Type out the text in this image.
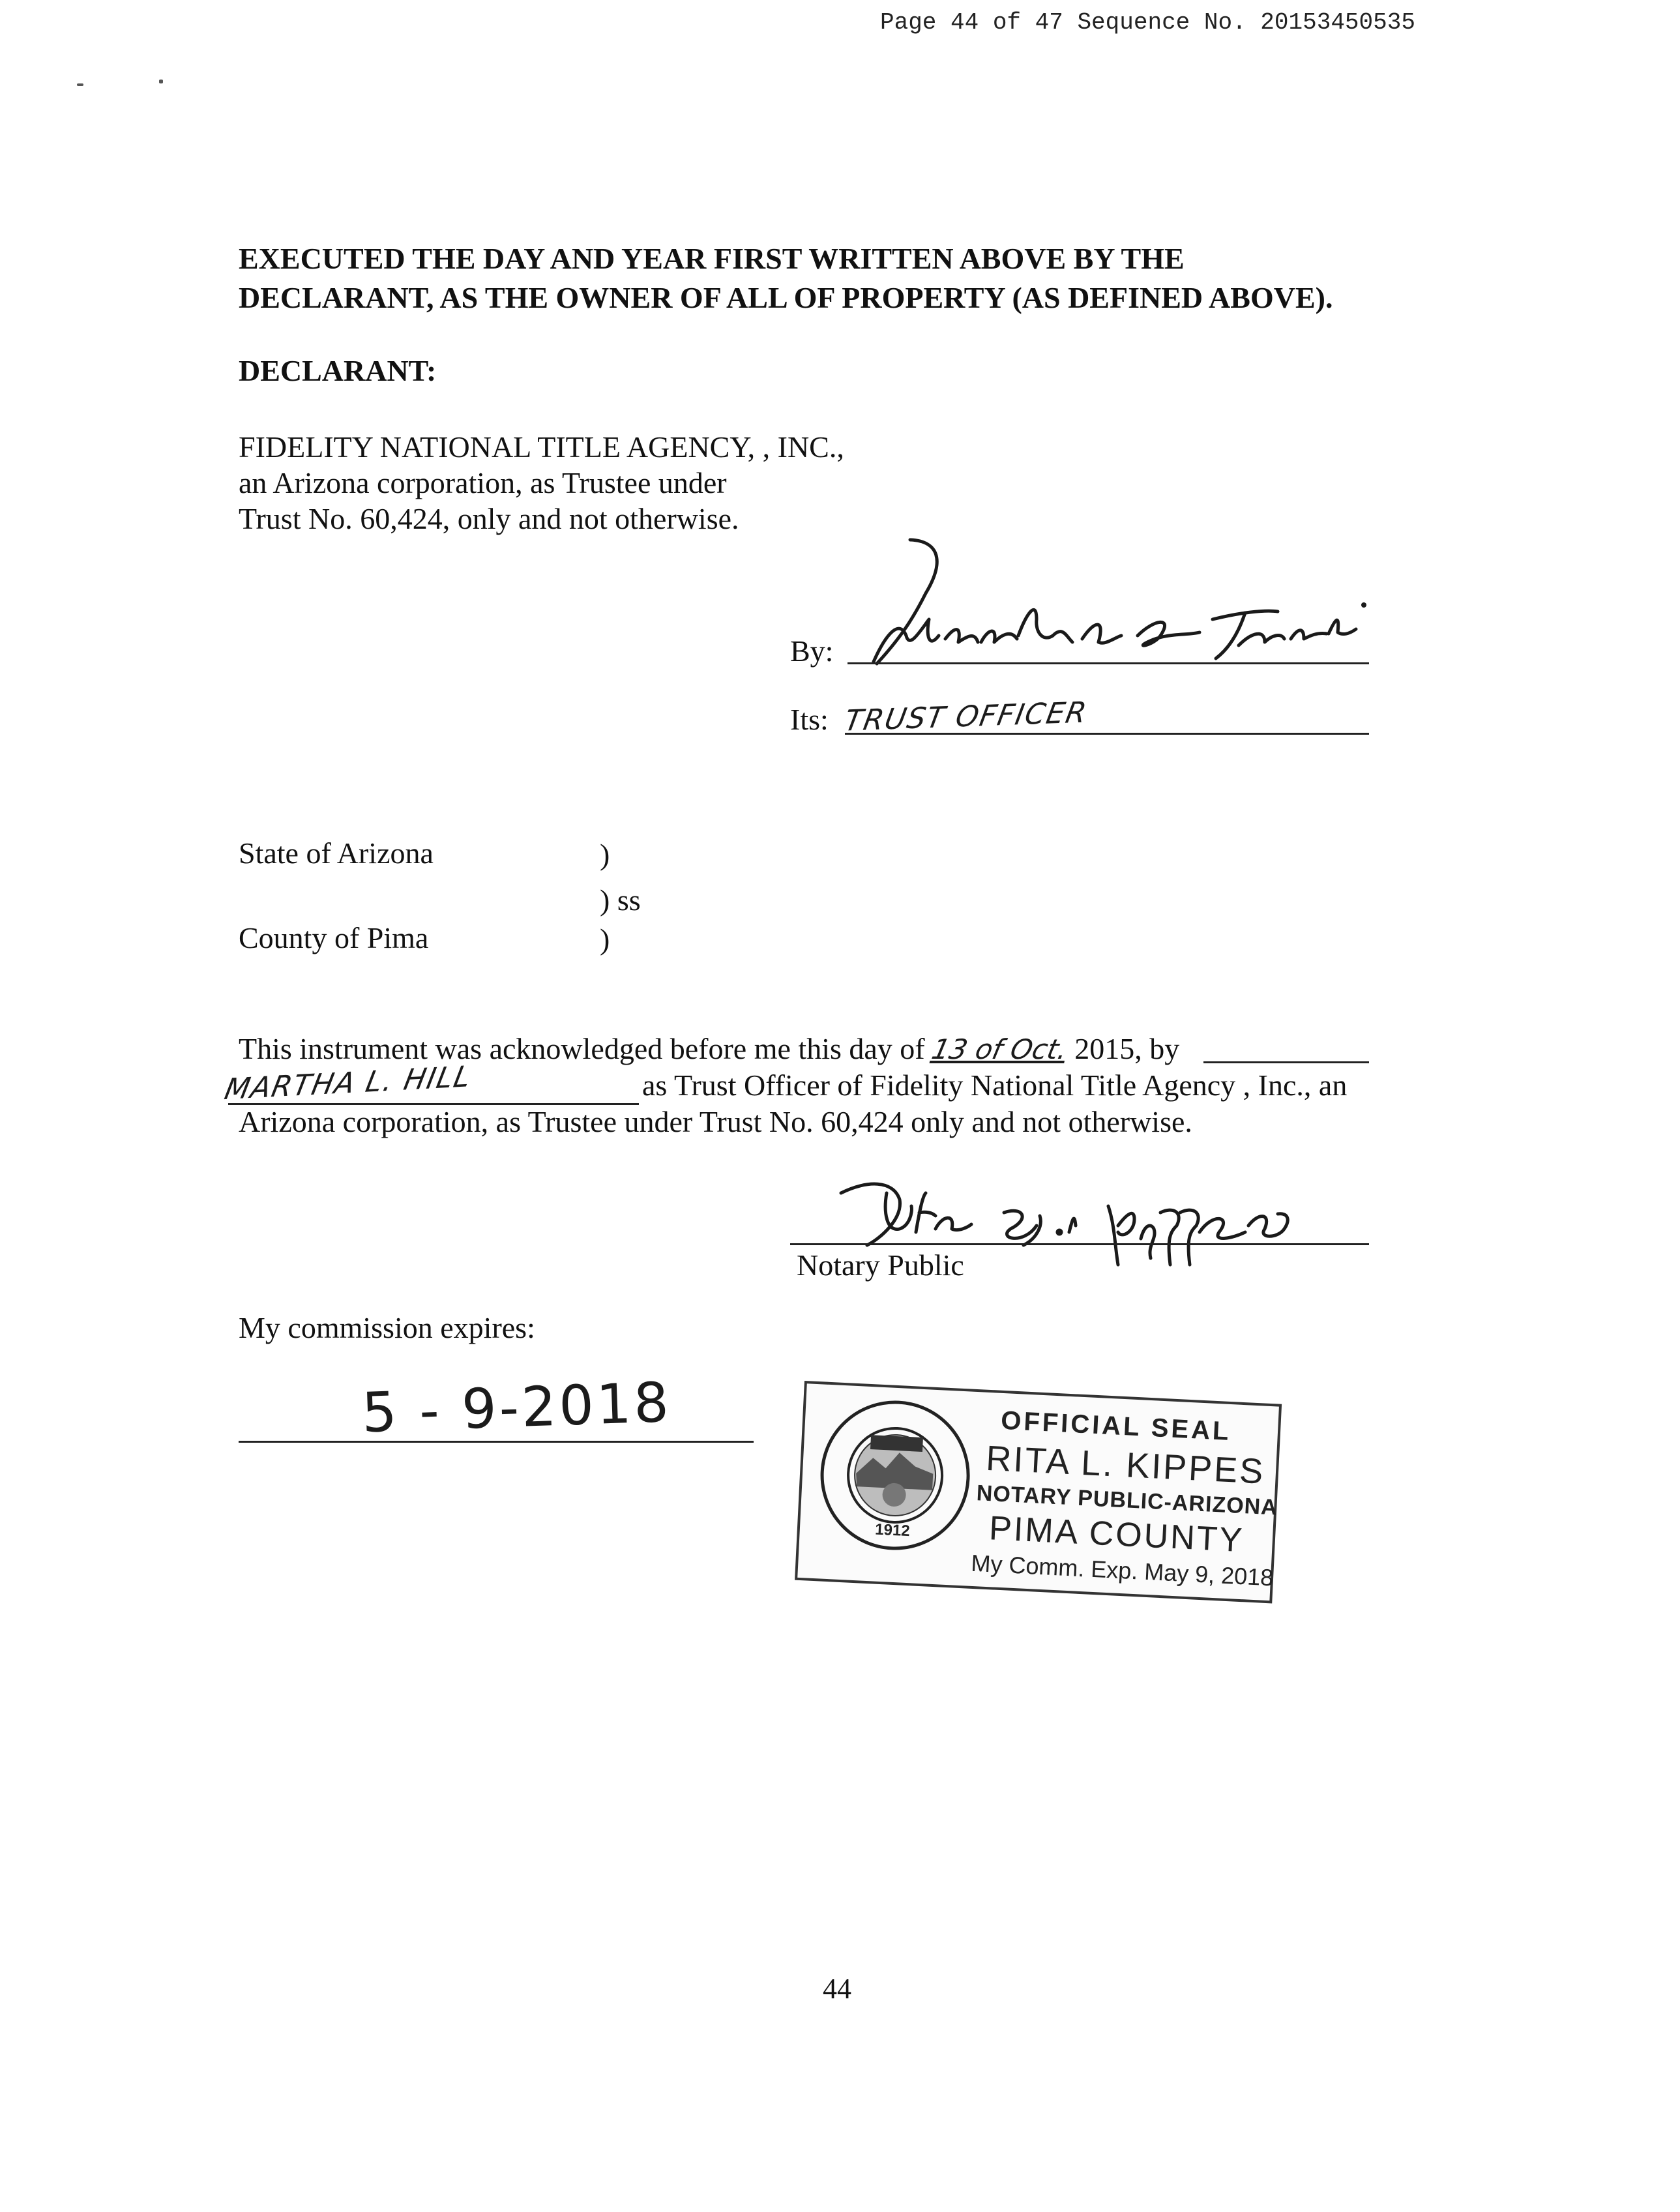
Page 44 of 47 Sequence No. 20153450535
EXECUTED THE DAY AND YEAR FIRST WRITTEN ABOVE BY THE
DECLARANT, AS THE OWNER OF ALL OF PROPERTY (AS DEFINED ABOVE).
DECLARANT:
FIDELITY NATIONAL TITLE AGENCY, , INC.,
an Arizona corporation, as Trustee under
Trust No. 60,424, only and not otherwise.
By:
Its: TRUST OFFICER
State of Arizona	)
) ss
County of Pima	)
This instrument was acknowledged before me this day of 13 of Oct. 2015, by
MARTHA L. HILL	as Trust Officer of Fidelity National Title Agency , Inc., an
Arizona corporation, as Trustee under Trust No. 60,424 only and not otherwise.
Notary Public
My commission expires:
5 - 9-2018
1912
OFFICIAL SEAL
RITA L. KIPPES
NOTARY PUBLIC-ARIZONA
PIMA COUNTY
My Comm. Exp. May 9, 2018
44
